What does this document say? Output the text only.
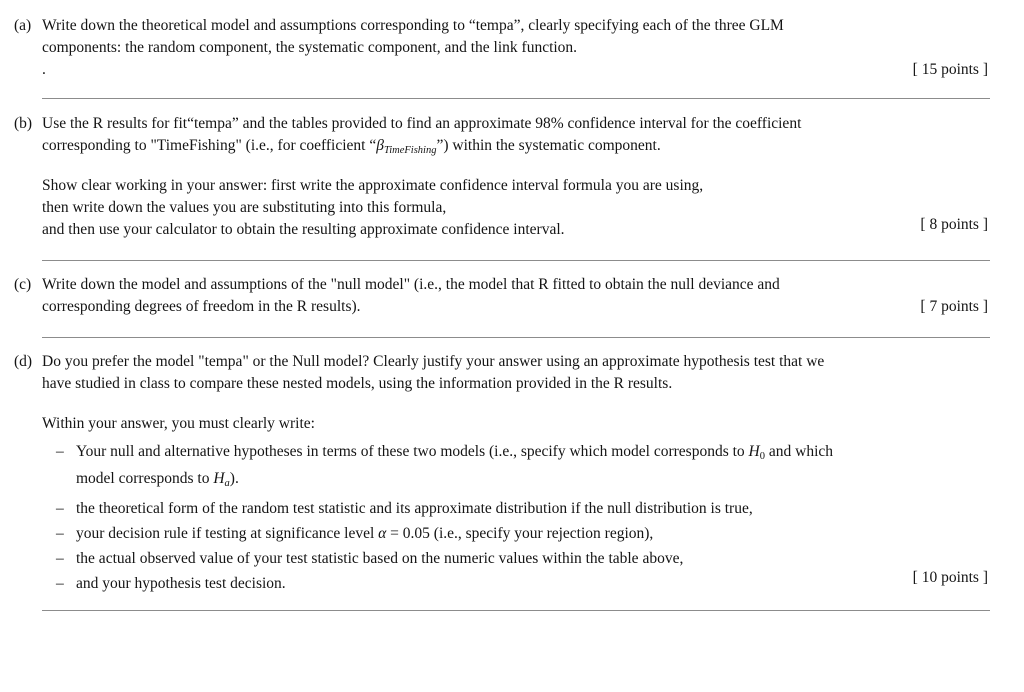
(a) Write down the theoretical model and assumptions corresponding to “tempa”, clearly specifying each of the three GLM
components: the random component, the systematic component, and the link function.
.	[ 15 points ]
(b) Use the R results for fit“tempa” and the tables provided to find an approximate 98% confidence interval for the coefficient
corresponding to "TimeFishing" (i.e., for coefficient “$\beta_{TimeFishing}$”) within the systematic component.
Show clear working in your answer: first write the approximate confidence interval formula you are using,
then write down the values you are substituting into this formula,
and then use your calculator to obtain the resulting approximate confidence interval.	[ 8 points ]
(c) Write down the model and assumptions of the "null model" (i.e., the model that R fitted to obtain the null deviance and
corresponding degrees of freedom in the R results).	[ 7 points ]
(d) Do you prefer the model "tempa" or the Null model? Clearly justify your answer using an approximate hypothesis test that we
have studied in class to compare these nested models, using the information provided in the R results.
Within your answer, you must clearly write:
– Your null and alternative hypotheses in terms of these two models (i.e., specify which model corresponds to H0 and which
model corresponds to $H_a$).
– the theoretical form of the random test statistic and its approximate distribution if the null distribution is true,
– your decision rule if testing at significance level α = 0.05 (i.e., specify your rejection region),
– the actual observed value of your test statistic based on the numeric values within the table above,
– and your hypothesis test decision.	[ 10 points ]
